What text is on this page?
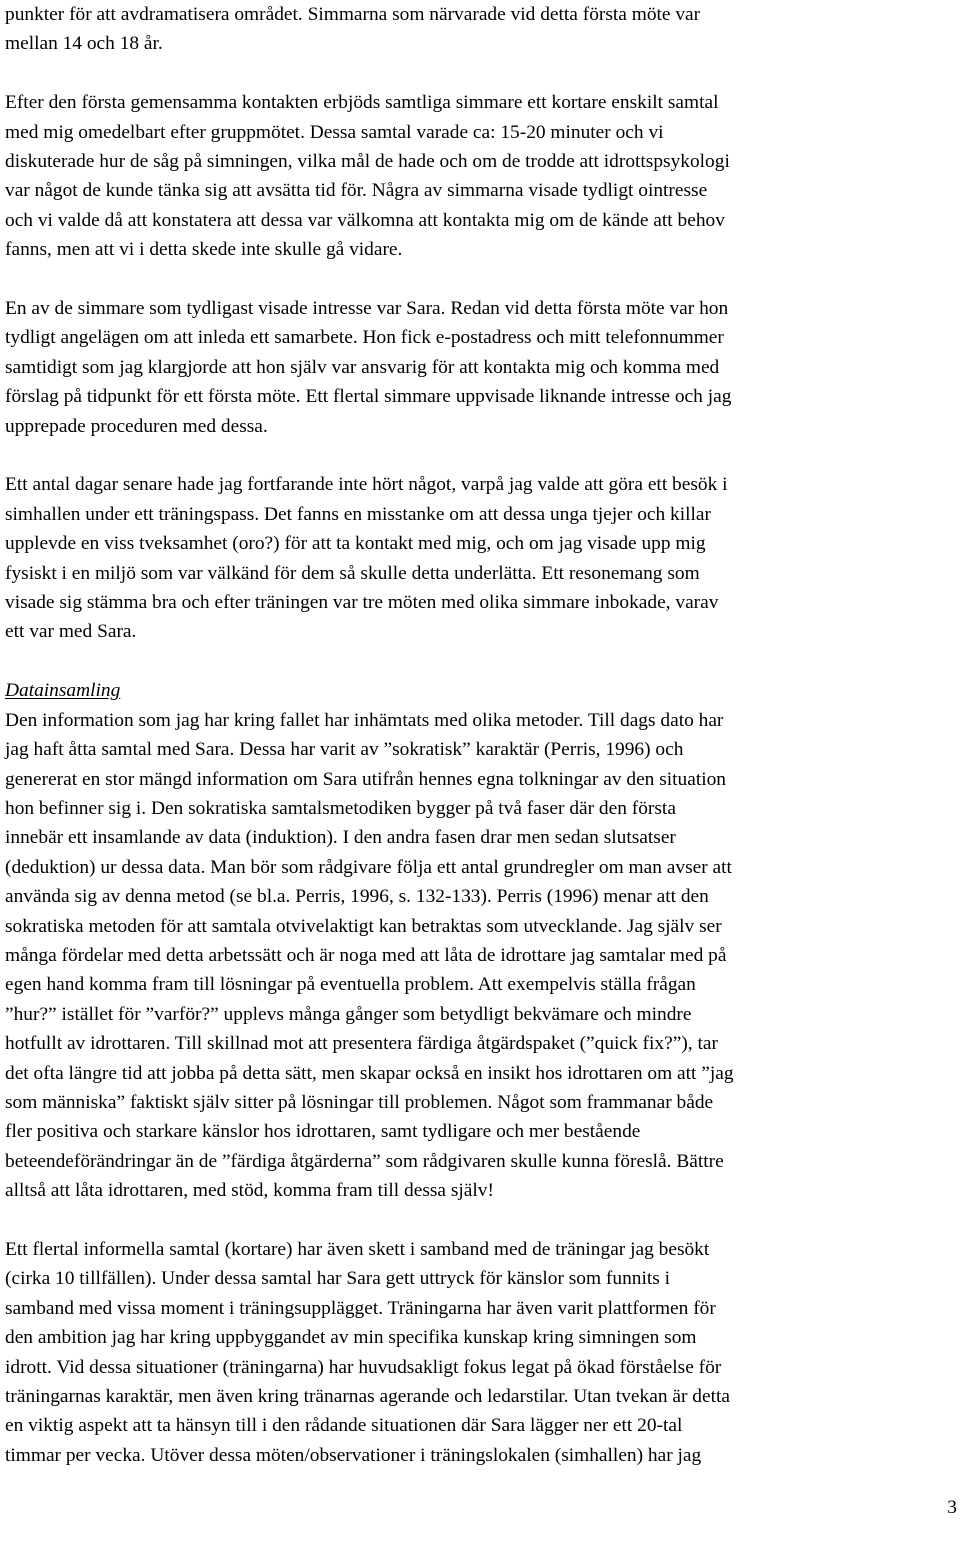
punkter för att avdramatisera området. Simmarna som närvarade vid detta första möte var
mellan 14 och 18 år.

Efter den första gemensamma kontakten erbjöds samtliga simmare ett kortare enskilt samtal
med mig omedelbart efter gruppmötet. Dessa samtal varade ca: 15-20 minuter och vi
diskuterade hur de såg på simningen, vilka mål de hade och om de trodde att idrottspsykologi
var något de kunde tänka sig att avsätta tid för. Några av simmarna visade tydligt ointresse
och vi valde då att konstatera att dessa var välkomna att kontakta mig om de kände att behov
fanns, men att vi i detta skede inte skulle gå vidare.

En av de simmare som tydligast visade intresse var Sara. Redan vid detta första möte var hon
tydligt angelägen om att inleda ett samarbete. Hon fick e-postadress och mitt telefonnummer
samtidigt som jag klargjorde att hon själv var ansvarig för att kontakta mig och komma med
förslag på tidpunkt för ett första möte. Ett flertal simmare uppvisade liknande intresse och jag
upprepade proceduren med dessa.

Ett antal dagar senare hade jag fortfarande inte hört något, varpå jag valde att göra ett besök i
simhallen under ett träningspass. Det fanns en misstanke om att dessa unga tjejer och killar
upplevde en viss tveksamhet (oro?) för att ta kontakt med mig, och om jag visade upp mig
fysiskt i en miljö som var välkänd för dem så skulle detta underlätta. Ett resonemang som
visade sig stämma bra och efter träningen var tre möten med olika simmare inbokade, varav
ett var med Sara.

Datainsamling

Den information som jag har kring fallet har inhämtats med olika metoder. Till dags dato har
jag haft åtta samtal med Sara. Dessa har varit av ”sokratisk” karaktär (Perris, 1996) och
genererat en stor mängd information om Sara utifrån hennes egna tolkningar av den situation
hon befinner sig i. Den sokratiska samtalsmetodiken bygger på två faser där den första
innebär ett insamlande av data (induktion). I den andra fasen drar men sedan slutsatser
(deduktion) ur dessa data. Man bör som rådgivare följa ett antal grundregler om man avser att
använda sig av denna metod (se bl.a. Perris, 1996, s. 132-133). Perris (1996) menar att den
sokratiska metoden för att samtala otvivelaktigt kan betraktas som utvecklande. Jag själv ser
många fördelar med detta arbetssätt och är noga med att låta de idrottare jag samtalar med på
egen hand komma fram till lösningar på eventuella problem. Att exempelvis ställa frågan
”hur?” istället för ”varför?” upplevs många gånger som betydligt bekvämare och mindre
hotfullt av idrottaren. Till skillnad mot att presentera färdiga åtgärdspaket (”quick fix?”), tar
det ofta längre tid att jobba på detta sätt, men skapar också en insikt hos idrottaren om att ”jag
som människa” faktiskt själv sitter på lösningar till problemen. Något som frammanar både
fler positiva och starkare känslor hos idrottaren, samt tydligare och mer bestående
beteendeförändringar än de ”färdiga åtgärderna” som rådgivaren skulle kunna föreslå. Bättre
alltså att låta idrottaren, med stöd, komma fram till dessa själv!

Ett flertal informella samtal (kortare) har även skett i samband med de träningar jag besökt
(cirka 10 tillfällen). Under dessa samtal har Sara gett uttryck för känslor som funnits i
samband med vissa moment i träningsupplägget. Träningarna har även varit plattformen för
den ambition jag har kring uppbyggandet av min specifika kunskap kring simningen som
idrott. Vid dessa situationer (träningarna) har huvudsakligt fokus legat på ökad förståelse för
träningarnas karaktär, men även kring tränarnas agerande och ledarstilar. Utan tvekan är detta
en viktig aspekt att ta hänsyn till i den rådande situationen där Sara lägger ner ett 20-tal
timmar per vecka. Utöver dessa möten/observationer i träningslokalen (simhallen) har jag

3
